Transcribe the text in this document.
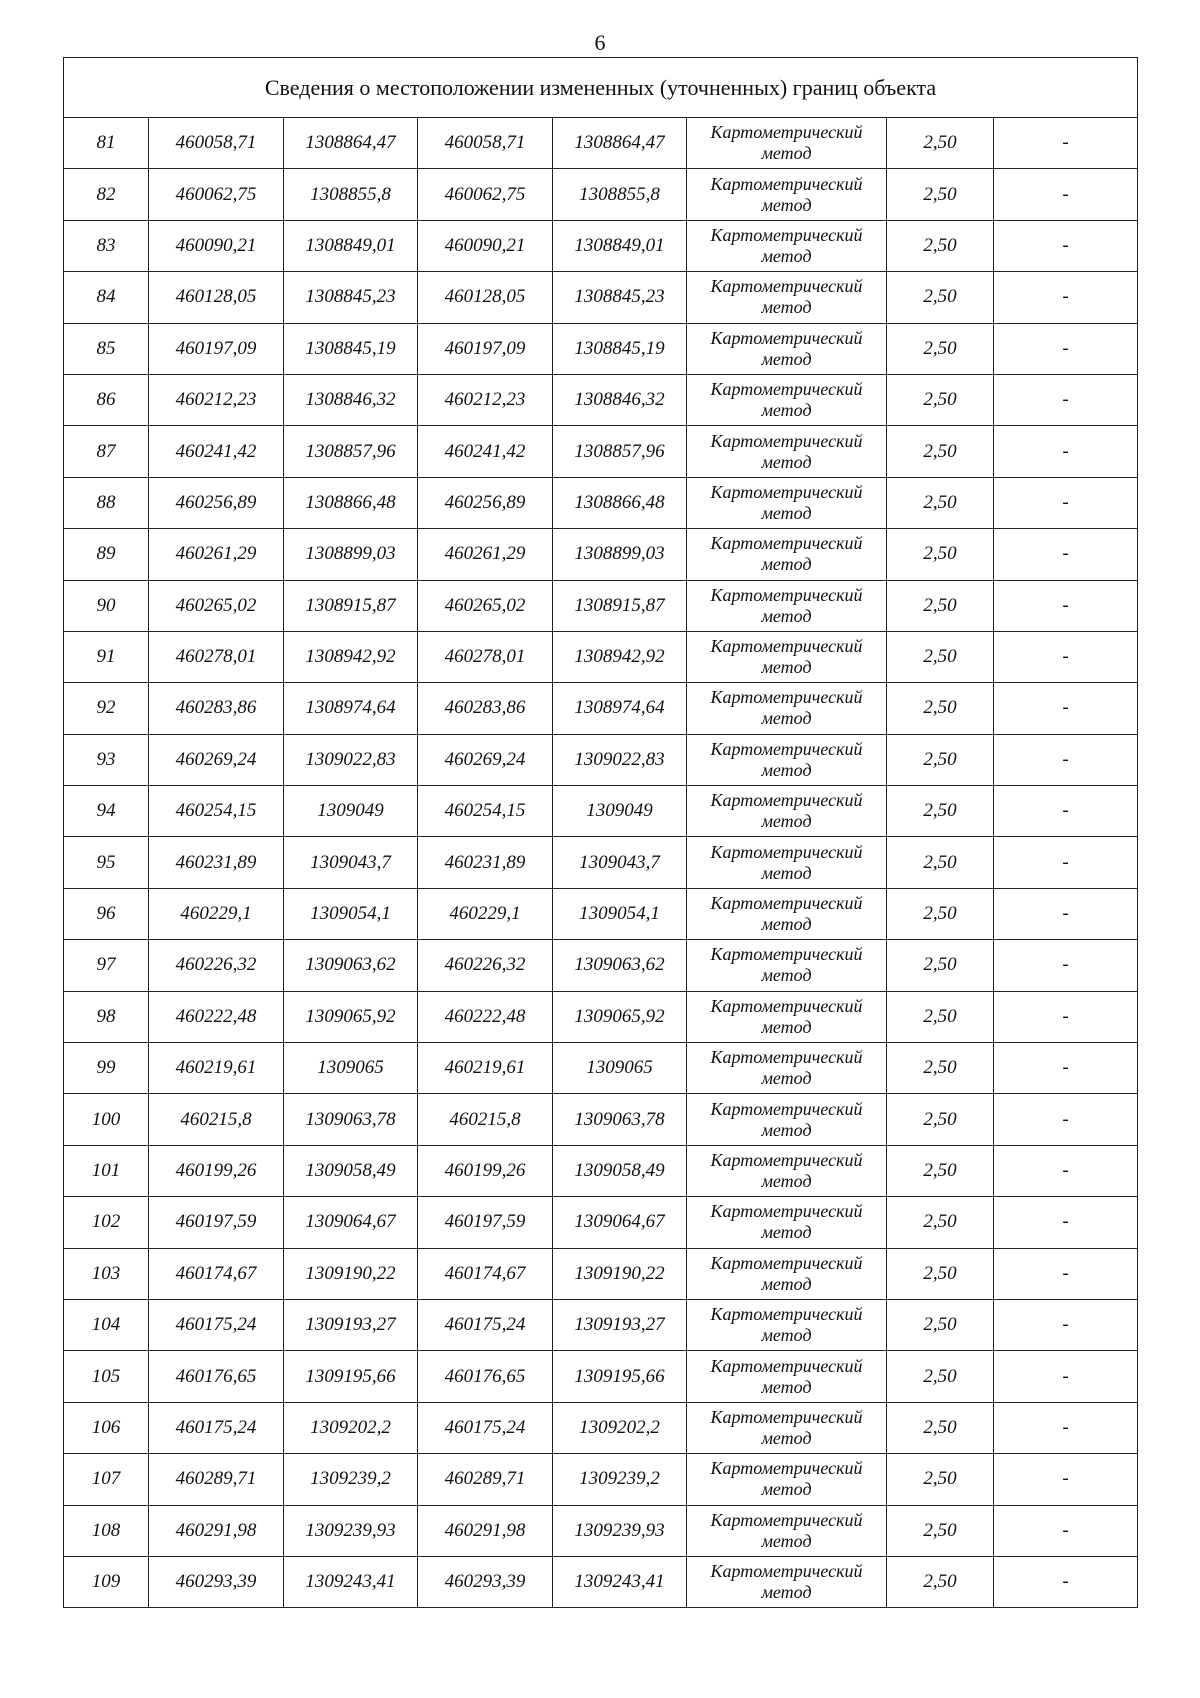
6
Сведения о местоположении измененных (уточненных) границ объекта							
81	460058,71	1308864,47	460058,71	1308864,47	Картометрический метод	2,50	-
82	460062,75	1308855,8	460062,75	1308855,8	Картометрический метод	2,50	-
83	460090,21	1308849,01	460090,21	1308849,01	Картометрический метод	2,50	-
84	460128,05	1308845,23	460128,05	1308845,23	Картометрический метод	2,50	-
85	460197,09	1308845,19	460197,09	1308845,19	Картометрический метод	2,50	-
86	460212,23	1308846,32	460212,23	1308846,32	Картометрический метод	2,50	-
87	460241,42	1308857,96	460241,42	1308857,96	Картометрический метод	2,50	-
88	460256,89	1308866,48	460256,89	1308866,48	Картометрический метод	2,50	-
89	460261,29	1308899,03	460261,29	1308899,03	Картометрический метод	2,50	-
90	460265,02	1308915,87	460265,02	1308915,87	Картометрический метод	2,50	-
91	460278,01	1308942,92	460278,01	1308942,92	Картометрический метод	2,50	-
92	460283,86	1308974,64	460283,86	1308974,64	Картометрический метод	2,50	-
93	460269,24	1309022,83	460269,24	1309022,83	Картометрический метод	2,50	-
94	460254,15	1309049	460254,15	1309049	Картометрический метод	2,50	-
95	460231,89	1309043,7	460231,89	1309043,7	Картометрический метод	2,50	-
96	460229,1	1309054,1	460229,1	1309054,1	Картометрический метод	2,50	-
97	460226,32	1309063,62	460226,32	1309063,62	Картометрический метод	2,50	-
98	460222,48	1309065,92	460222,48	1309065,92	Картометрический метод	2,50	-
99	460219,61	1309065	460219,61	1309065	Картометрический метод	2,50	-
100	460215,8	1309063,78	460215,8	1309063,78	Картометрический метод	2,50	-
101	460199,26	1309058,49	460199,26	1309058,49	Картометрический метод	2,50	-
102	460197,59	1309064,67	460197,59	1309064,67	Картометрический метод	2,50	-
103	460174,67	1309190,22	460174,67	1309190,22	Картометрический метод	2,50	-
104	460175,24	1309193,27	460175,24	1309193,27	Картометрический метод	2,50	-
105	460176,65	1309195,66	460176,65	1309195,66	Картометрический метод	2,50	-
106	460175,24	1309202,2	460175,24	1309202,2	Картометрический метод	2,50	-
107	460289,71	1309239,2	460289,71	1309239,2	Картометрический метод	2,50	-
108	460291,98	1309239,93	460291,98	1309239,93	Картометрический метод	2,50	-
109	460293,39	1309243,41	460293,39	1309243,41	Картометрический метод	2,50	-
